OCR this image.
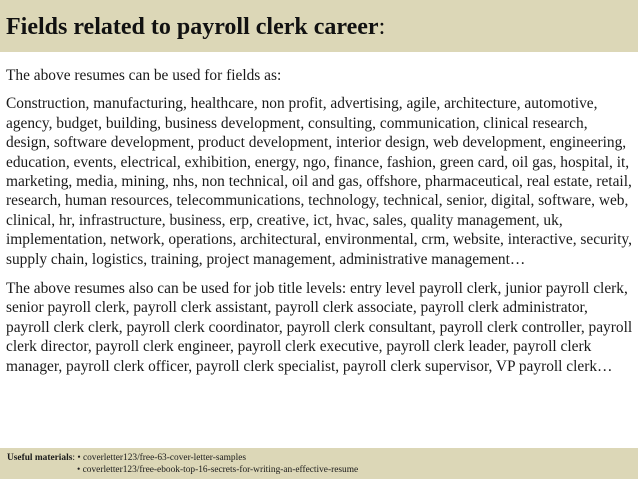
Fields related to payroll clerk career:

The above resumes can be used for fields as:

Construction, manufacturing, healthcare, non profit, advertising, agile, architecture, automotive, agency, budget, building, business development, consulting, communication, clinical research, design, software development, product development, interior design, web development, engineering, education, events, electrical, exhibition, energy, ngo, finance, fashion, green card, oil gas, hospital, it, marketing, media, mining, nhs, non technical, oil and gas, offshore, pharmaceutical, real estate, retail, research, human resources, telecommunications, technology, technical, senior, digital, software, web, clinical, hr, infrastructure, business, erp, creative, ict, hvac, sales, quality management, uk, implementation, network, operations, architectural, environmental, crm, website, interactive, security, supply chain, logistics, training, project management, administrative management…

The above resumes also can be used for job title levels: entry level payroll clerk, junior payroll clerk, senior payroll clerk, payroll clerk assistant, payroll clerk associate, payroll clerk administrator, payroll clerk clerk, payroll clerk coordinator, payroll clerk consultant, payroll clerk controller, payroll clerk director, payroll clerk engineer, payroll clerk executive, payroll clerk leader, payroll clerk manager, payroll clerk officer, payroll clerk specialist, payroll clerk supervisor, VP payroll clerk…

Useful materials: • coverletter123/free-63-cover-letter-samples
• coverletter123/free-ebook-top-16-secrets-for-writing-an-effective-resume
